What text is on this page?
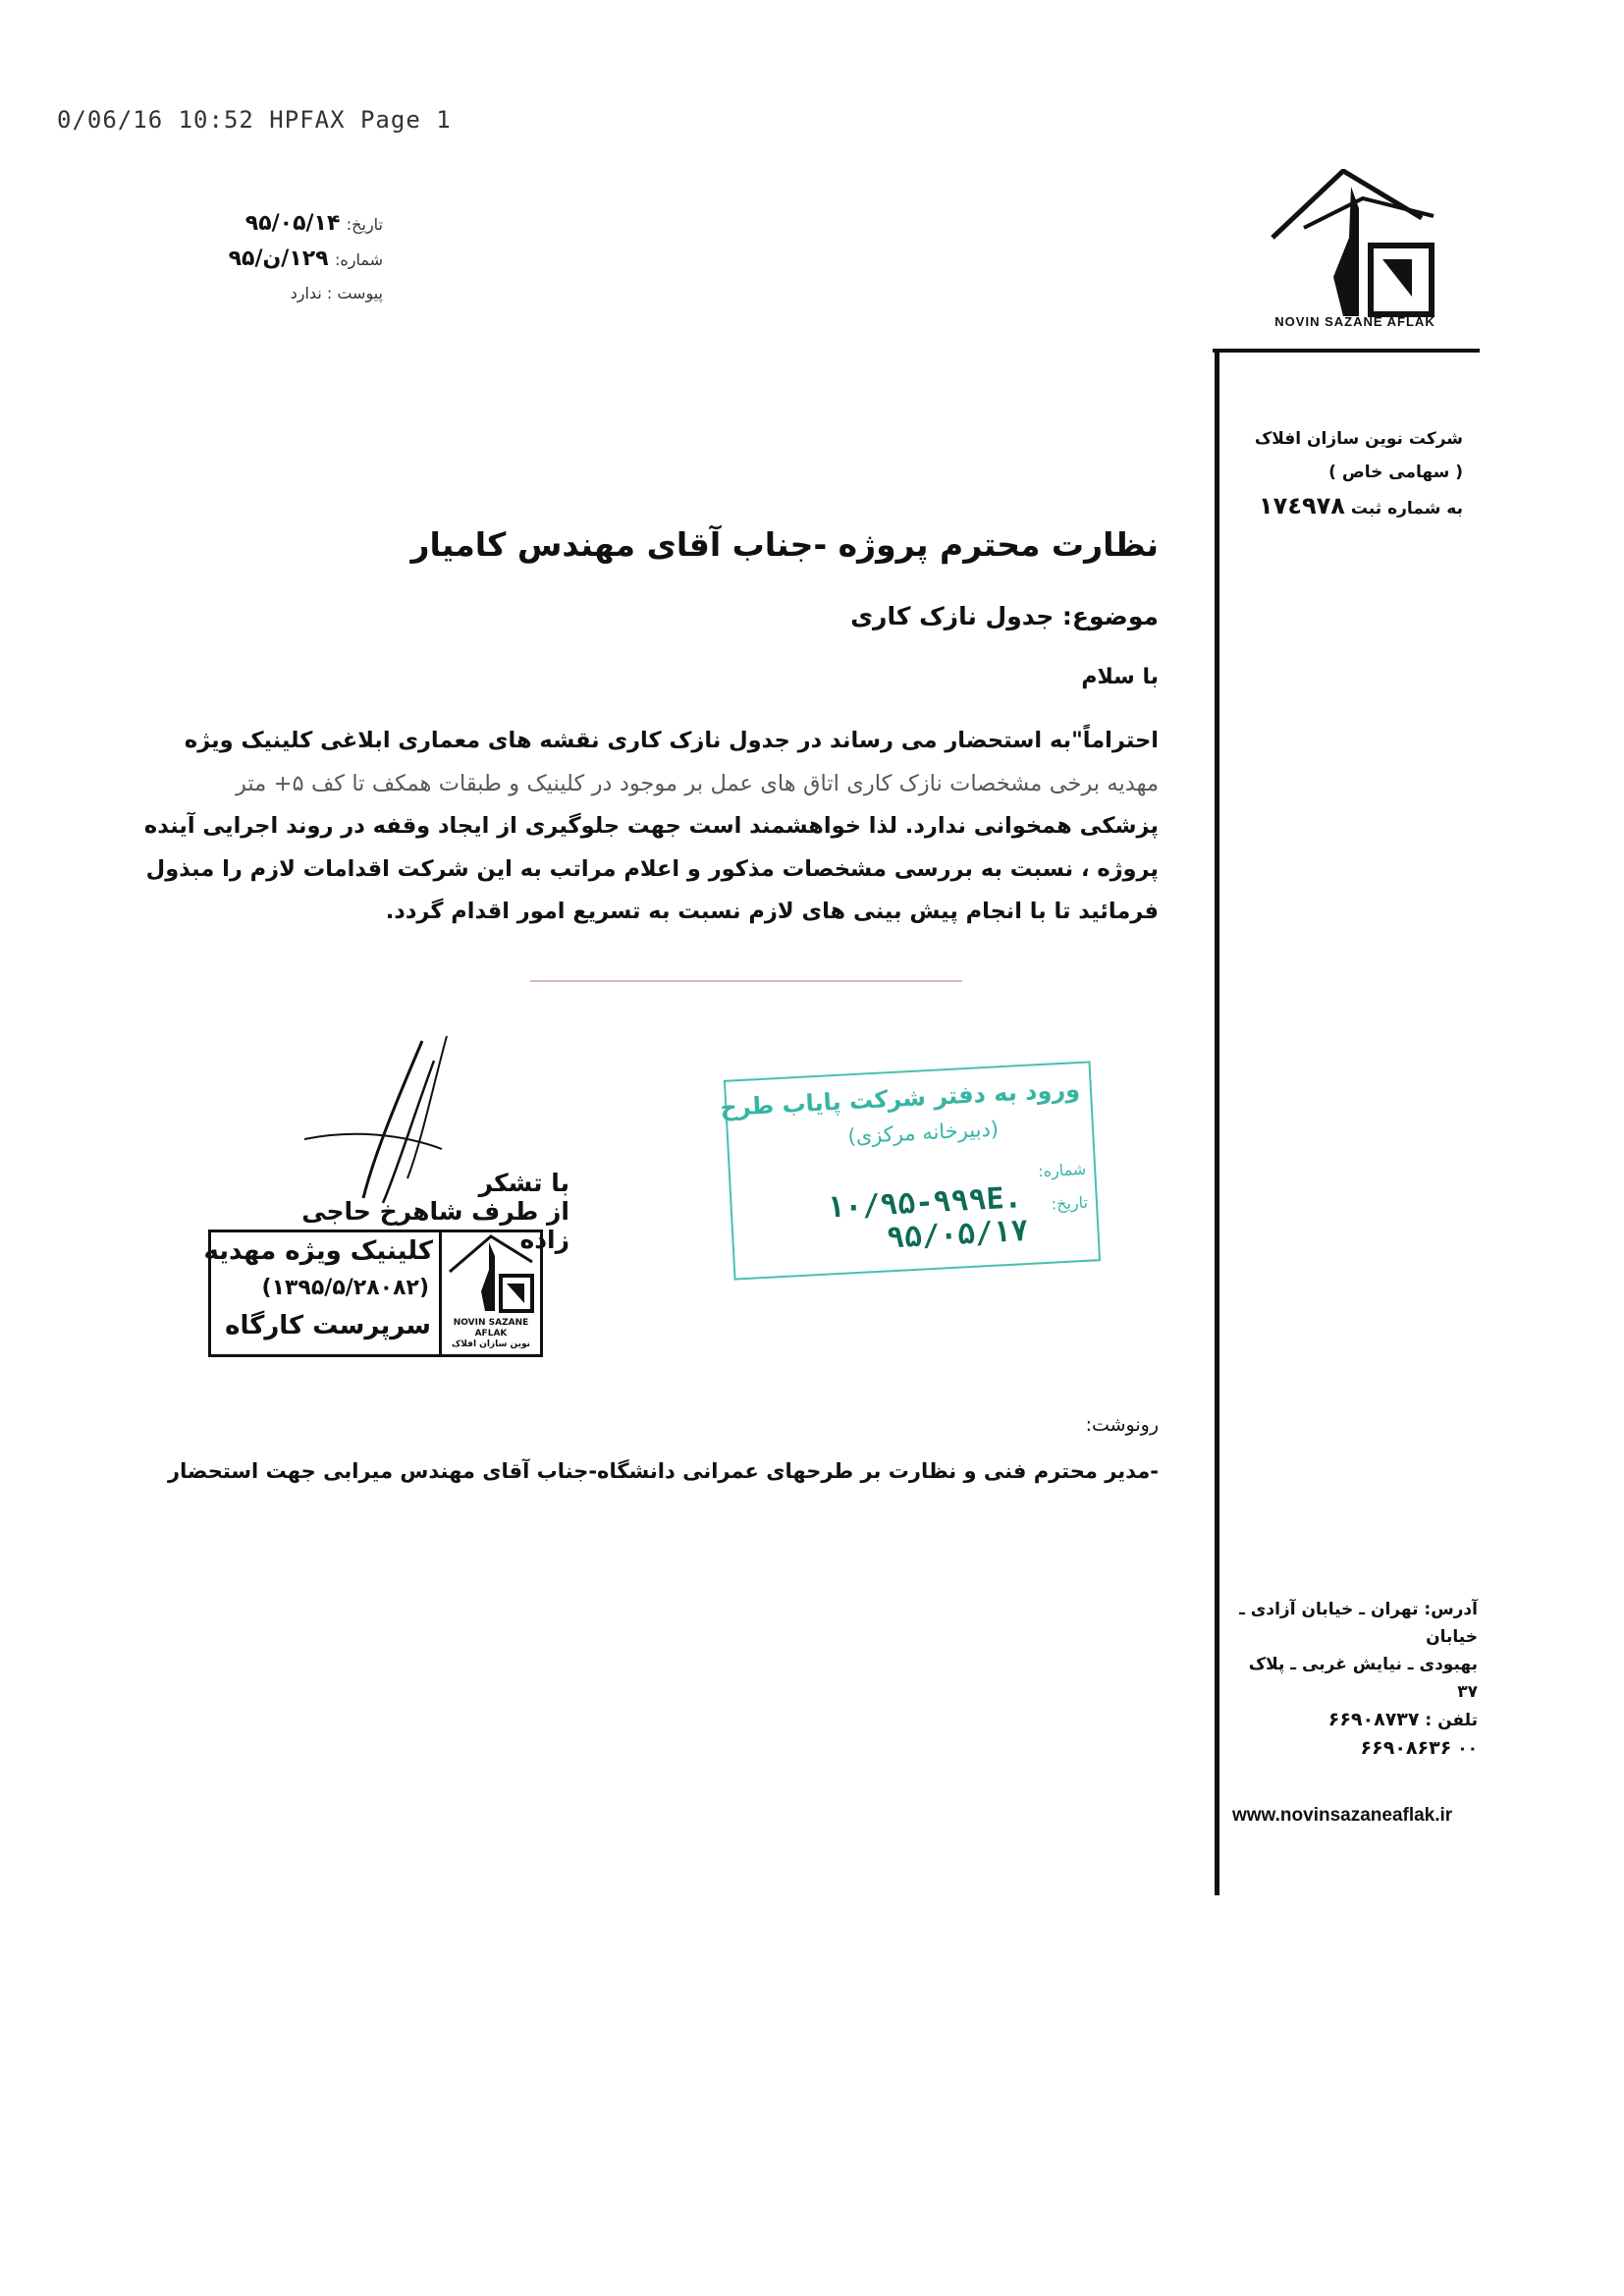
0/06/16 10:52 HPFAX Page 1
تاریخ: ۹۵/۰۵/۱۴
شماره: ۱۲۹/ن/۹۵
پیوست : ندارد
NOVIN SAZANE AFLAK
شرکت نوین سازان افلاک
( سهامی خاص )
به شماره ثبت ۱۷٤۹۷۸
نظارت محترم پروژه -جناب آقای مهندس کامیار
موضوع: جدول نازک کاری
با سلام
احتراماً"به استحضار می رساند در جدول نازک کاری نقشه های معماری ابلاغی کلینیک ویژه
مهدیه برخی مشخصات نازک کاری اتاق های عمل بر موجود در کلینیک و طبقات همکف تا کف ۵+ متر
پزشکی همخوانی ندارد. لذا خواهشمند است جهت جلوگیری از ایجاد وقفه در روند اجرایی آینده
پروژه ، نسبت به بررسی مشخصات مذکور و اعلام مراتب به این شرکت اقدامات لازم را مبذول
فرمائید تا با انجام پیش بینی های لازم نسبت به تسریع امور اقدام گردد.
با تشکر
از طرف شاهرخ حاجی زاده
کلینیک ویژه مهدیه
(۱۳۹۵/۵/۲۸۰۸۲)
سرپرست کارگاه	NOVIN SAZANE AFLAK
نوین سازان افلاک
ورود به دفتر شرکت پایاب طرح
(دبیرخانه مرکزی)
شماره:
۱۰/۹۵-۹۹۹E. تاریخ:
۹۵/۰۵/۱۷
رونوشت:
-مدیر محترم فنی و نظارت بر طرحهای عمرانی دانشگاه-جناب آقای مهندس میرابی جهت استحضار
آدرس: تهران ـ خیابان آزادی ـ خیابان
بهبودی ـ نیایش غربی ـ پلاک ۳۷
تلفن : ۶۶۹۰۸۷۳۷
۰۰ ۶۶۹۰۸۶۳۶
www.novinsazaneaflak.ir
